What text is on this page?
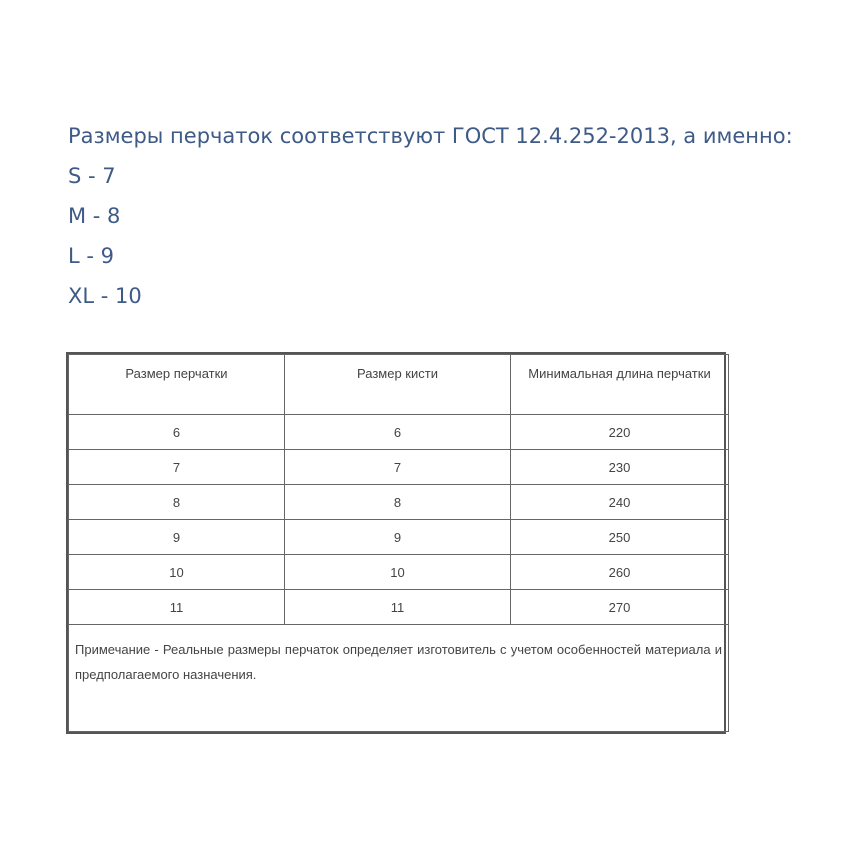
Размеры перчаток соответствуют ГОСТ 12.4.252-2013, а именно:
S - 7
M - 8
L - 9
XL - 10
Размер перчатки	Размер кисти	Минимальная длина перчатки
6	6	220
7	7	230
8	8	240
9	9	250
10	10	260
11	11	270
Примечание - Реальные размеры перчаток определяет изготовитель с учетом особенностей материала и предполагаемого назначения.		
